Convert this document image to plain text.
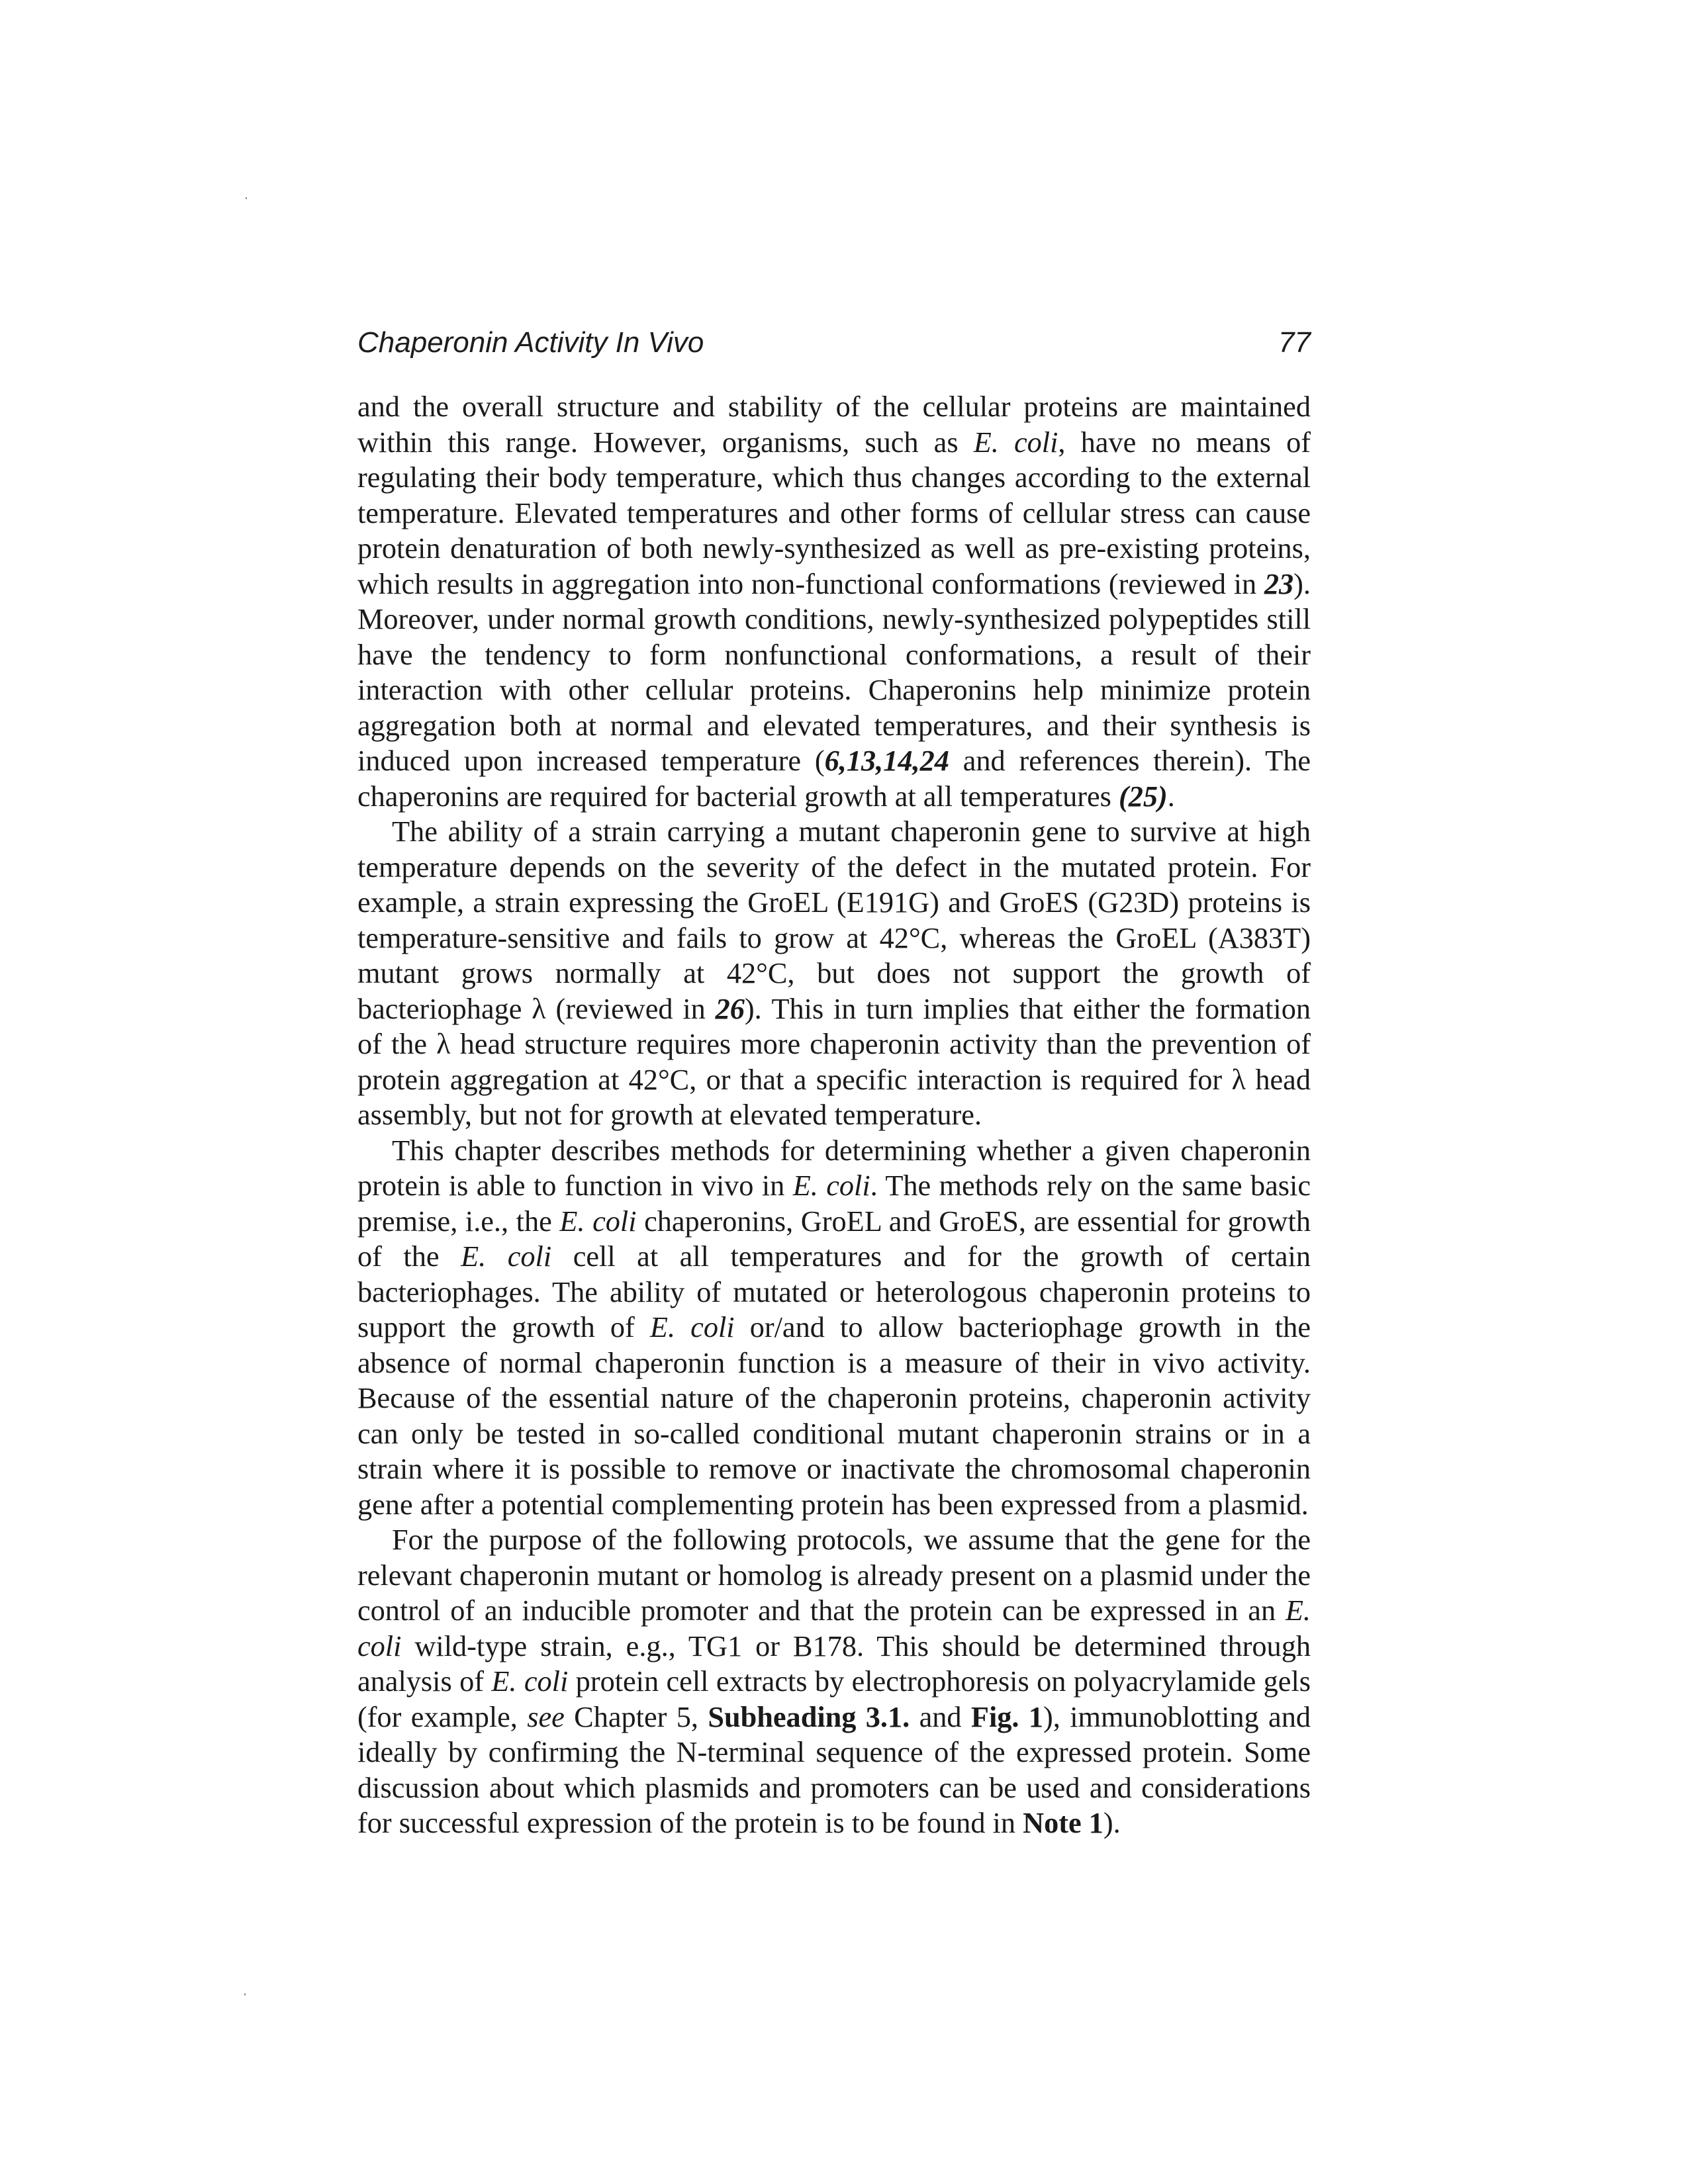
Chaperonin Activity In Vivo	77

and the overall structure and stability of the cellular proteins are maintained within this range. However, organisms, such as E. coli, have no means of regulating their body temperature, which thus changes according to the external temperature. Elevated temperatures and other forms of cellular stress can cause protein denaturation of both newly-synthesized as well as pre-existing proteins, which results in aggregation into non-functional conformations (reviewed in 23). Moreover, under normal growth conditions, newly-synthesized polypeptides still have the tendency to form nonfunctional conformations, a result of their interaction with other cellular proteins. Chaperonins help minimize protein aggregation both at normal and elevated temperatures, and their synthesis is induced upon increased temperature (6,13,14,24 and references therein). The chaperonins are required for bacterial growth at all temperatures (25).

The ability of a strain carrying a mutant chaperonin gene to survive at high temperature depends on the severity of the defect in the mutated protein. For example, a strain expressing the GroEL (E191G) and GroES (G23D) proteins is temperature-sensitive and fails to grow at 42°C, whereas the GroEL (A383T) mutant grows normally at 42°C, but does not support the growth of bacteriophage λ (reviewed in 26). This in turn implies that either the formation of the λ head structure requires more chaperonin activity than the prevention of protein aggregation at 42°C, or that a specific interaction is required for λ head assembly, but not for growth at elevated temperature.

This chapter describes methods for determining whether a given chaperonin protein is able to function in vivo in E. coli. The methods rely on the same basic premise, i.e., the E. coli chaperonins, GroEL and GroES, are essential for growth of the E. coli cell at all temperatures and for the growth of certain bacteriophages. The ability of mutated or heterologous chaperonin proteins to support the growth of E. coli or/and to allow bacteriophage growth in the absence of normal chaperonin function is a measure of their in vivo activity. Because of the essential nature of the chaperonin proteins, chaperonin activity can only be tested in so-called conditional mutant chaperonin strains or in a strain where it is possible to remove or inactivate the chromosomal chaperonin gene after a potential complementing protein has been expressed from a plasmid.

For the purpose of the following protocols, we assume that the gene for the relevant chaperonin mutant or homolog is already present on a plasmid under the control of an inducible promoter and that the protein can be expressed in an E. coli wild-type strain, e.g., TG1 or B178. This should be determined through analysis of E. coli protein cell extracts by electrophoresis on polyacrylamide gels (for example, see Chapter 5, Subheading 3.1. and Fig. 1), immunoblotting and ideally by confirming the N-terminal sequence of the expressed protein. Some discussion about which plasmids and promoters can be used and considerations for successful expression of the protein is to be found in Note 1).
